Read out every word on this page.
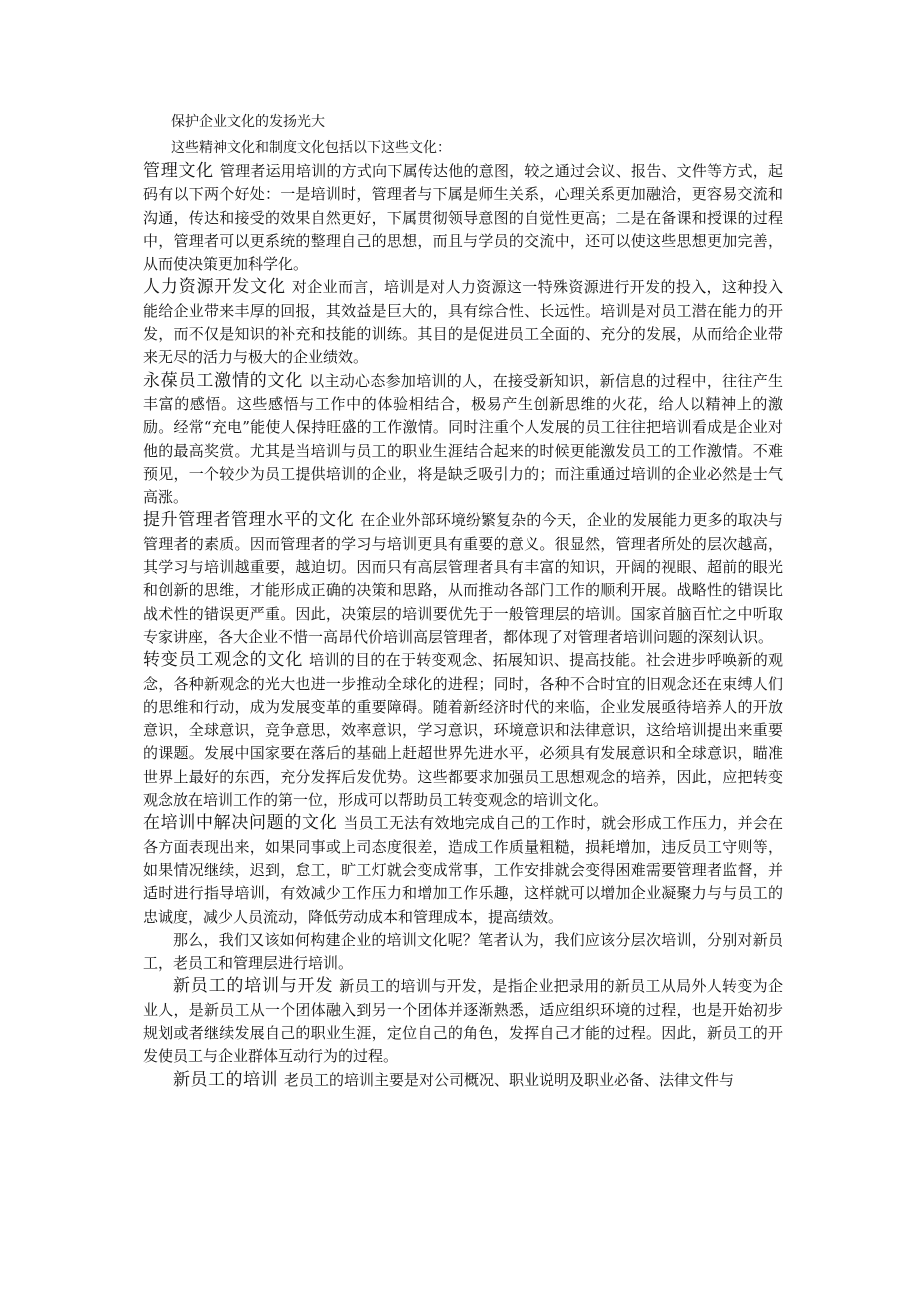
保护企业文化的发扬光大

这些精神文化和制度文化包括以下这些文化：

管理文化 管理者运用培训的方式向下属传达他的意图，较之通过会议、报告、文件等方式，起码有以下两个好处：一是培训时，管理者与下属是师生关系，心理关系更加融洽，更容易交流和沟通，传达和接受的效果自然更好，下属贯彻领导意图的自觉性更高；二是在备课和授课的过程中，管理者可以更系统的整理自己的思想，而且与学员的交流中，还可以使这些思想更加完善，从而使决策更加科学化。

人力资源开发文化 对企业而言，培训是对人力资源这一特殊资源进行开发的投入，这种投入能给企业带来丰厚的回报，其效益是巨大的，具有综合性、长远性。培训是对员工潜在能力的开发，而不仅是知识的补充和技能的训练。其目的是促进员工全面的、充分的发展，从而给企业带来无尽的活力与极大的企业绩效。

永葆员工激情的文化 以主动心态参加培训的人，在接受新知识，新信息的过程中，往往产生丰富的感悟。这些感悟与工作中的体验相结合，极易产生创新思维的火花，给人以精神上的激励。经常“充电”能使人保持旺盛的工作激情。同时注重个人发展的员工往往把培训看成是企业对他的最高奖赏。尤其是当培训与员工的职业生涯结合起来的时候更能激发员工的工作激情。不难预见，一个较少为员工提供培训的企业，将是缺乏吸引力的；而注重通过培训的企业必然是士气高涨。

提升管理者管理水平的文化 在企业外部环境纷繁复杂的今天，企业的发展能力更多的取决与管理者的素质。因而管理者的学习与培训更具有重要的意义。很显然，管理者所处的层次越高，其学习与培训越重要，越迫切。因而只有高层管理者具有丰富的知识，开阔的视眼、超前的眼光和创新的思维，才能形成正确的决策和思路，从而推动各部门工作的顺利开展。战略性的错误比战术性的错误更严重。因此，决策层的培训要优先于一般管理层的培训。国家首脑百忙之中听取专家讲座，各大企业不惜一高昂代价培训高层管理者，都体现了对管理者培训问题的深刻认识。

转变员工观念的文化 培训的目的在于转变观念、拓展知识、提高技能。社会进步呼唤新的观念，各种新观念的光大也进一步推动全球化的进程；同时，各种不合时宜的旧观念还在束缚人们的思维和行动，成为发展变革的重要障碍。随着新经济时代的来临，企业发展亟待培养人的开放意识，全球意识，竞争意思，效率意识，学习意识，环境意识和法律意识，这给培训提出来重要的课题。发展中国家要在落后的基础上赶超世界先进水平，必须具有发展意识和全球意识，瞄准世界上最好的东西，充分发挥后发优势。这些都要求加强员工思想观念的培养，因此，应把转变观念放在培训工作的第一位，形成可以帮助员工转变观念的培训文化。

在培训中解决问题的文化 当员工无法有效地完成自己的工作时，就会形成工作压力，并会在各方面表现出来，如果同事或上司态度很差，造成工作质量粗糙，损耗增加，违反员工守则等，如果情况继续，迟到，怠工，旷工灯就会变成常事，工作安排就会变得困难需要管理者监督，并适时进行指导培训，有效减少工作压力和增加工作乐趣，这样就可以增加企业凝聚力与与员工的忠诚度，减少人员流动，降低劳动成本和管理成本，提高绩效。

那么，我们又该如何构建企业的培训文化呢？笔者认为，我们应该分层次培训，分别对新员工，老员工和管理层进行培训。

新员工的培训与开发 新员工的培训与开发，是指企业把录用的新员工从局外人转变为企业人，是新员工从一个团体融入到另一个团体并逐渐熟悉，适应组织环境的过程，也是开始初步规划或者继续发展自己的职业生涯，定位自己的角色，发挥自己才能的过程。因此，新员工的开发使员工与企业群体互动行为的过程。

新员工的培训 老员工的培训主要是对公司概况、职业说明及职业必备、法律文件与
